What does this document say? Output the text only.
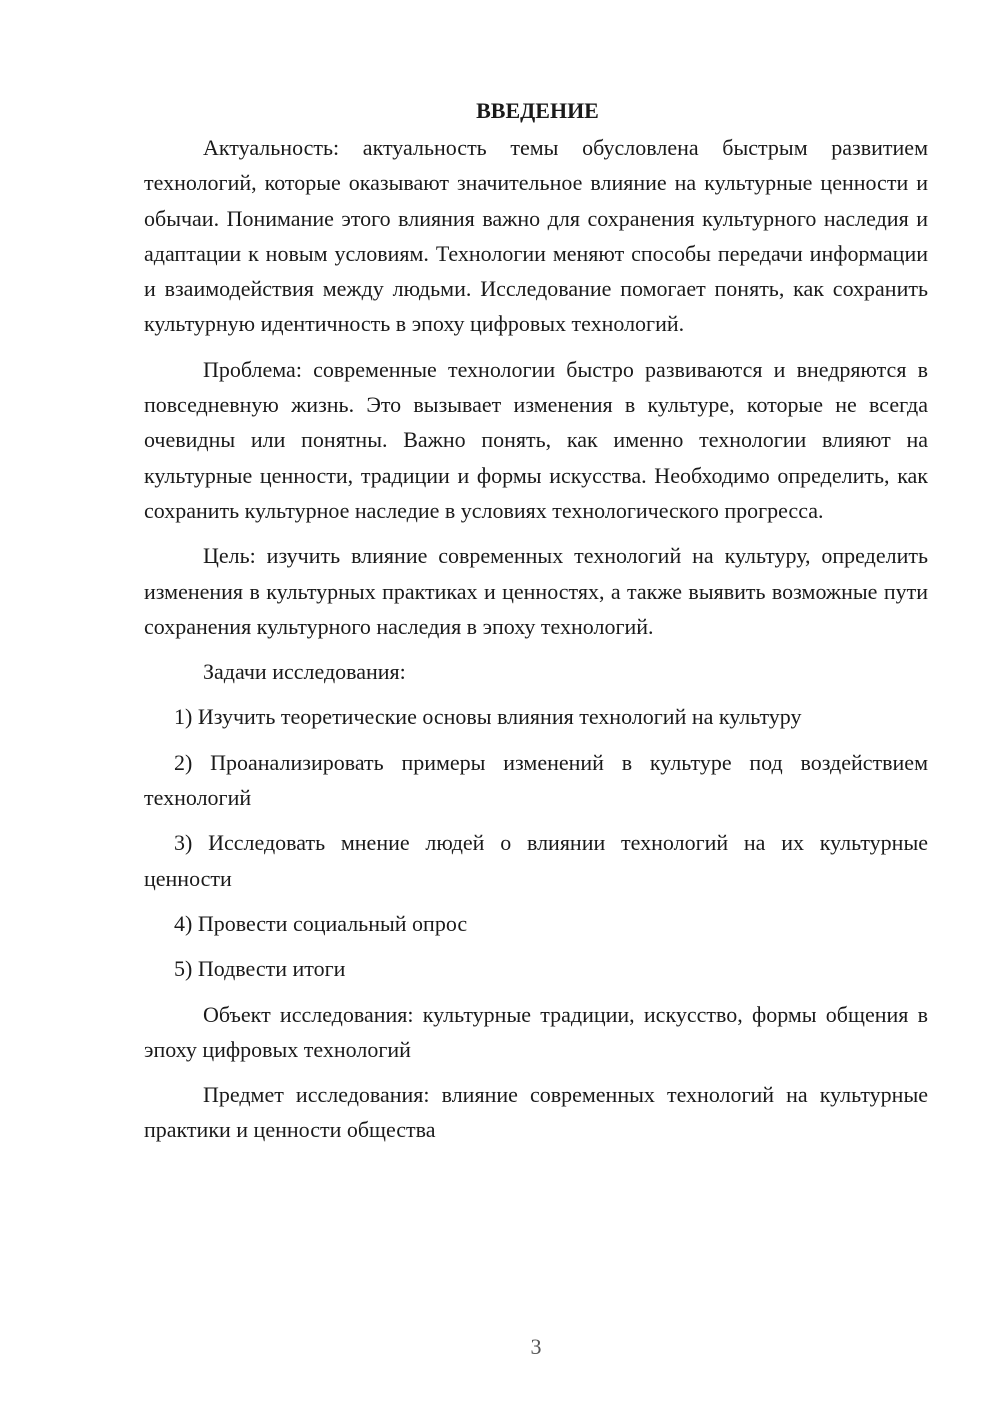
ВВЕДЕНИЕ

Актуальность: актуальность темы обусловлена быстрым развитием технологий, которые оказывают значительное влияние на культурные ценности и обычаи. Понимание этого влияния важно для сохранения культурного наследия и адаптации к новым условиям. Технологии меняют способы передачи информации и взаимодействия между людьми. Исследование помогает понять, как сохранить культурную идентичность в эпоху цифровых технологий.

Проблема: современные технологии быстро развиваются и внедряются в повседневную жизнь. Это вызывает изменения в культуре, которые не всегда очевидны или понятны. Важно понять, как именно технологии влияют на культурные ценности, традиции и формы искусства. Необходимо определить, как сохранить культурное наследие в условиях технологического прогресса.

Цель: изучить влияние современных технологий на культуру, определить изменения в культурных практиках и ценностях, а также выявить возможные пути сохранения культурного наследия в эпоху технологий.

Задачи исследования:

1) Изучить теоретические основы влияния технологий на культуру

2) Проанализировать примеры изменений в культуре под воздействием технологий

3) Исследовать мнение людей о влиянии технологий на их культурные ценности

4) Провести социальный опрос

5) Подвести итоги

Объект исследования: культурные традиции, искусство, формы общения в эпоху цифровых технологий

Предмет исследования: влияние современных технологий на культурные практики и ценности общества

3
